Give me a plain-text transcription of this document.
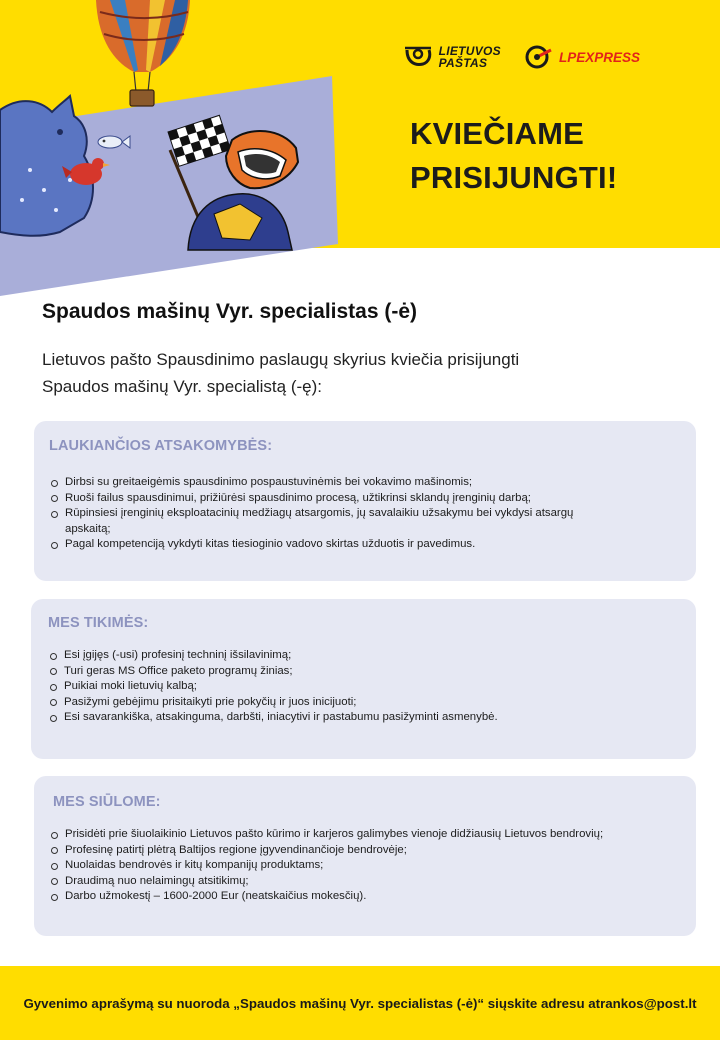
LIETUVOS
PAŠTAS	LPEXPRESS
KVIEČIAME
PRISIJUNGTI!
Spaudos mašinų Vyr. specialistas (-ė)
Lietuvos pašto Spausdinimo paslaugų skyrius kviečia prisijungti
Spaudos mašinų Vyr. specialistą (-ę):
LAUKIANČIOS ATSAKOMYBĖS:
Dirbsi su greitaeigėmis spausdinimo pospaustuvinėmis bei vokavimo mašinomis;
Ruoši failus spausdinimui, prižiūrėsi spausdinimo procesą, užtikrinsi sklandų įrenginių darbą;
Rūpinsiesi įrenginių eksploatacinių medžiagų atsargomis, jų savalaikiu užsakymu bei vykdysi atsargų apskaitą;
Pagal kompetenciją vykdyti kitas tiesioginio vadovo skirtas užduotis ir pavedimus.
MES TIKIMĖS:
Esi įgijęs (-usi) profesinį techninį išsilavinimą;
Turi geras MS Office paketo programų žinias;
Puikiai moki lietuvių kalbą;
Pasižymi gebėjimu prisitaikyti prie pokyčių ir juos inicijuoti;
Esi savarankiška, atsakinguma, darbšti, iniacytivi ir pastabumu pasižyminti asmenybė.
MES SIŪLOME:
Prisidėti prie šiuolaikinio Lietuvos pašto kūrimo ir karjeros galimybes vienoje didžiausių Lietuvos bendrovių;
Profesinę patirtį plėtrą Baltijos regione įgyvendinančioje bendrovėje;
Nuolaidas bendrovės ir kitų kompanijų produktams;
Draudimą nuo nelaimingų atsitikimų;
Darbo užmokestį – 1600-2000 Eur (neatskaičius mokesčių).

Gyvenimo aprašymą su nuoroda „Spaudos mašinų Vyr. specialistas (-ė)“ siųskite adresu atrankos@post.lt
